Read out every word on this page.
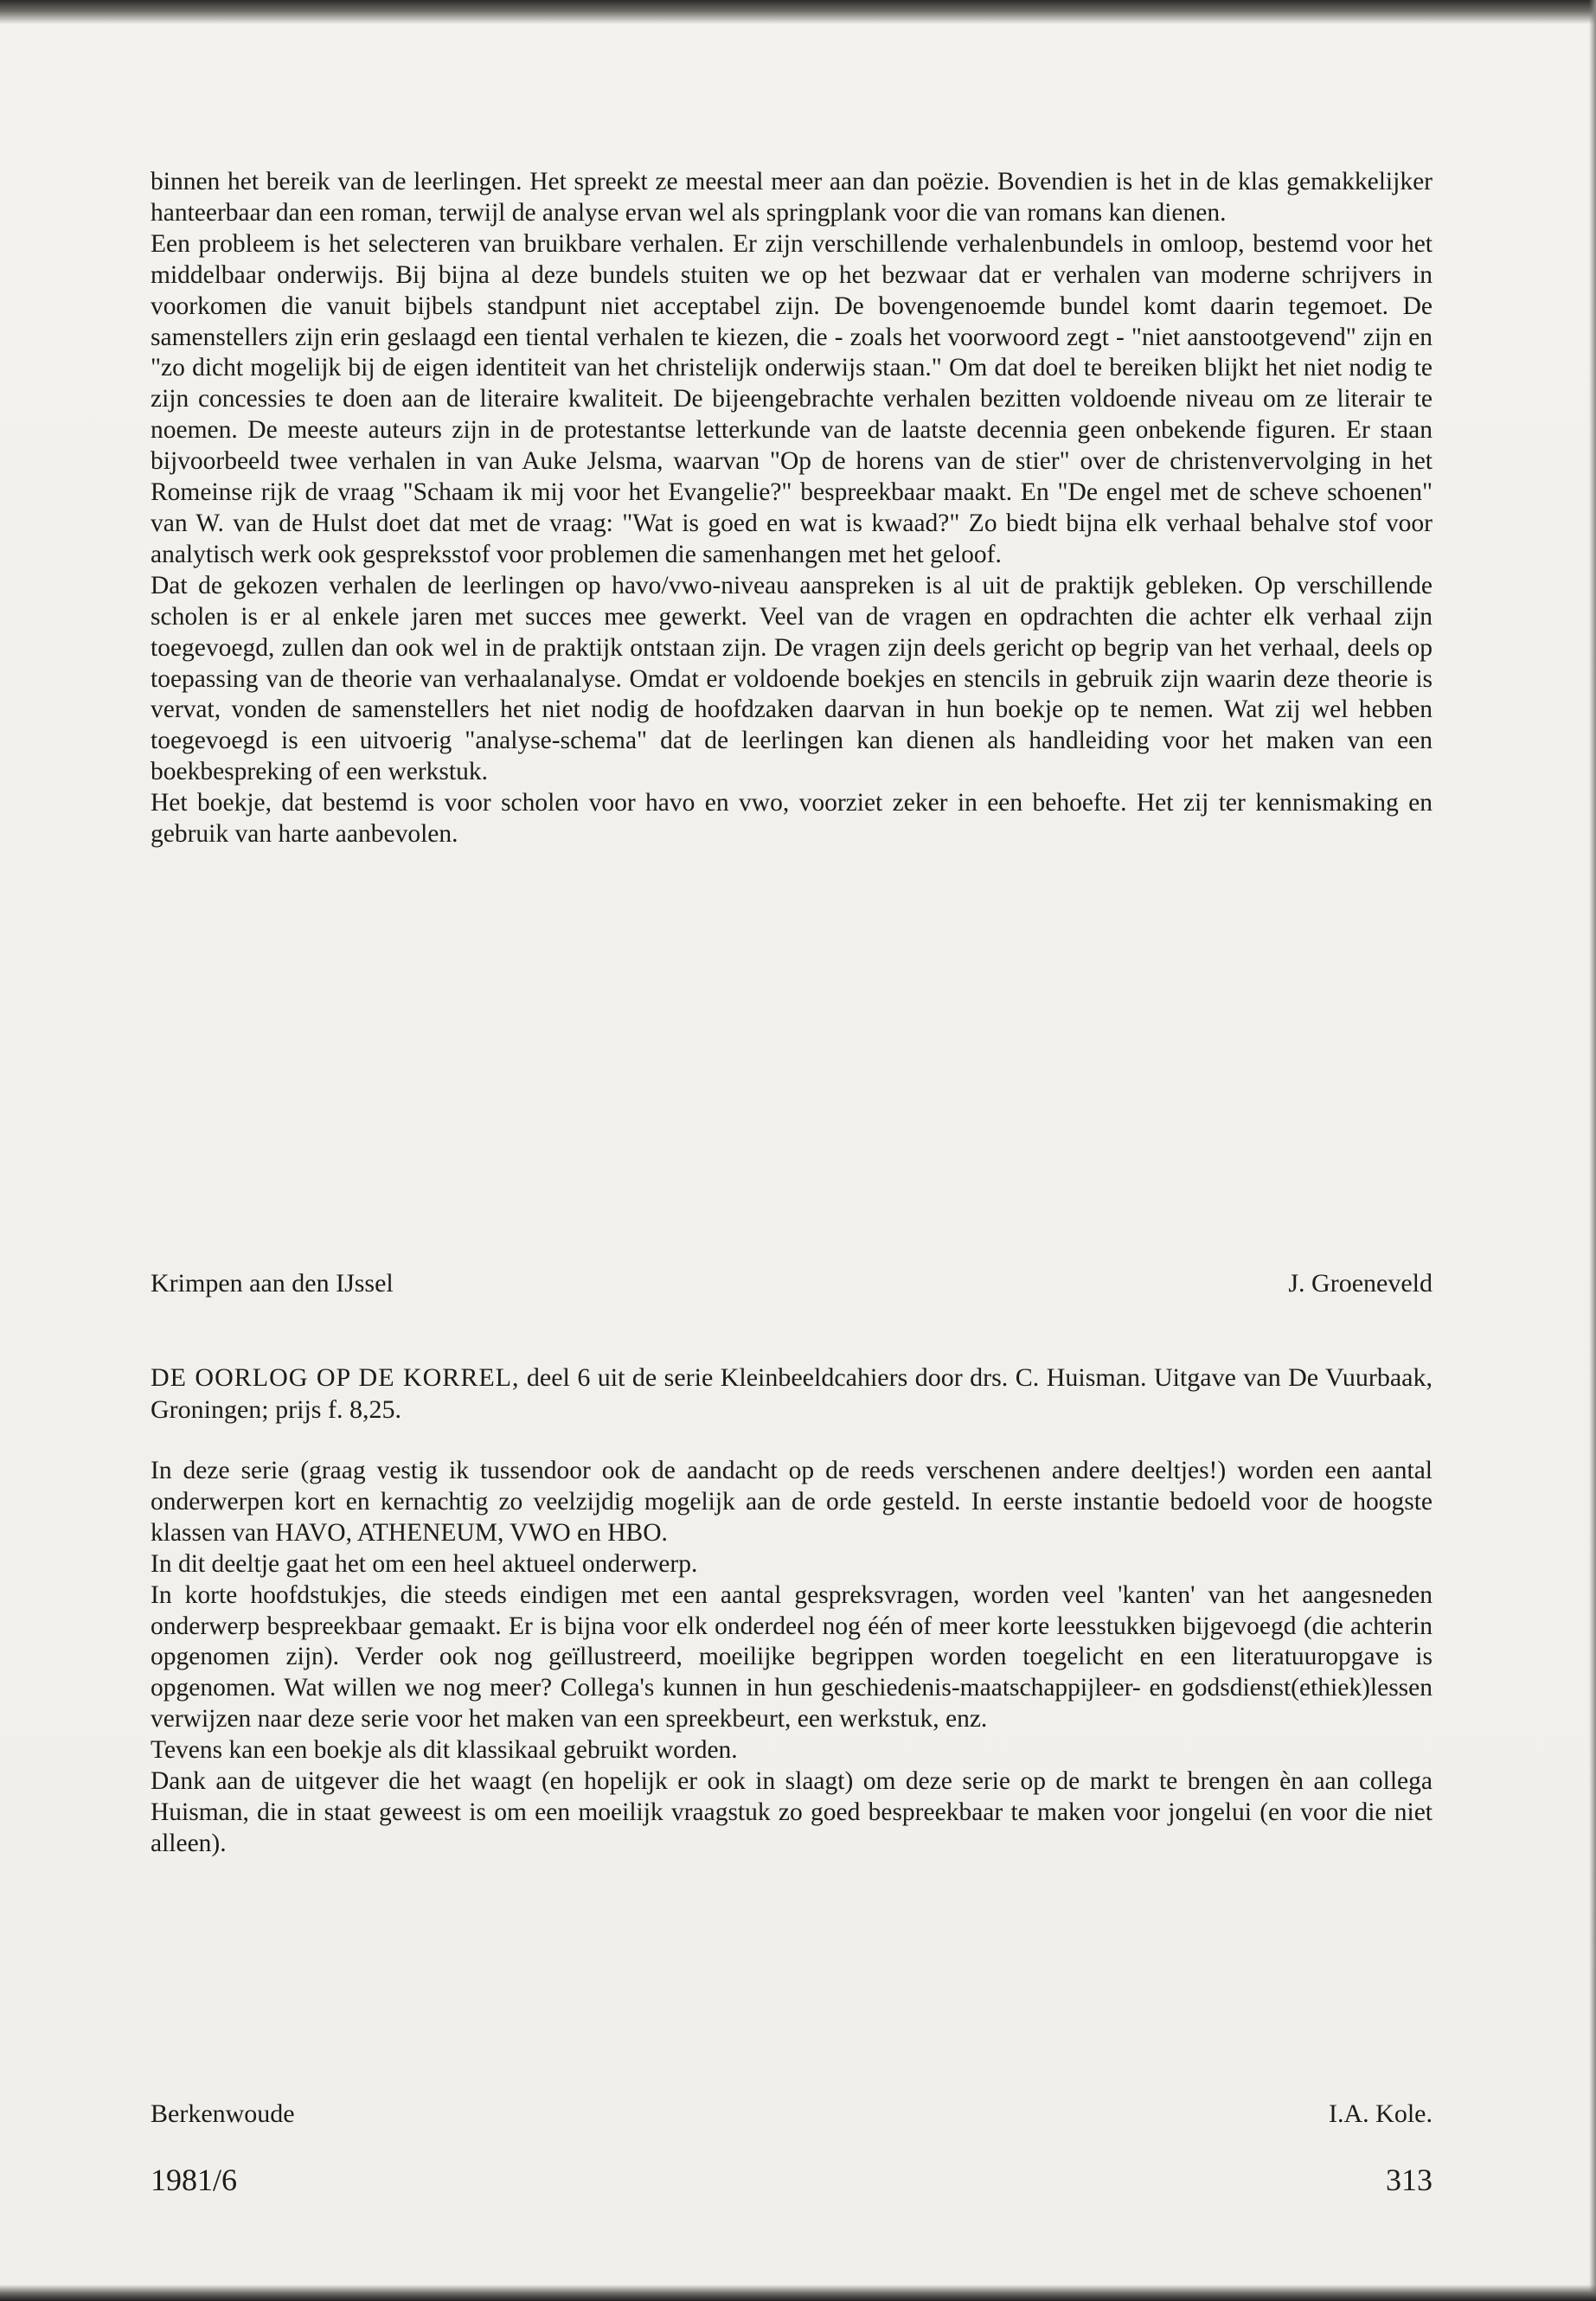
binnen het bereik van de leerlingen. Het spreekt ze meestal meer aan dan poëzie. Bovendien is het in de klas gemakkelijker hanteerbaar dan een roman, terwijl de analyse ervan wel als springplank voor die van romans kan dienen.

Een probleem is het selecteren van bruikbare verhalen. Er zijn verschillende verhalenbundels in omloop, bestemd voor het middelbaar onderwijs. Bij bijna al deze bundels stuiten we op het bezwaar dat er verhalen van moderne schrijvers in voorkomen die vanuit bijbels standpunt niet acceptabel zijn. De bovengenoemde bundel komt daarin tegemoet. De samenstellers zijn erin geslaagd een tiental verhalen te kiezen, die - zoals het voorwoord zegt - "niet aanstootgevend" zijn en "zo dicht mogelijk bij de eigen identiteit van het christelijk onderwijs staan." Om dat doel te bereiken blijkt het niet nodig te zijn concessies te doen aan de literaire kwaliteit. De bijeengebrachte verhalen bezitten voldoende niveau om ze literair te noemen. De meeste auteurs zijn in de protestantse letterkunde van de laatste decennia geen onbekende figuren. Er staan bijvoorbeeld twee verhalen in van Auke Jelsma, waarvan "Op de horens van de stier" over de christenvervolging in het Romeinse rijk de vraag "Schaam ik mij voor het Evangelie?" bespreekbaar maakt. En "De engel met de scheve schoenen" van W. van de Hulst doet dat met de vraag: "Wat is goed en wat is kwaad?" Zo biedt bijna elk verhaal behalve stof voor analytisch werk ook gespreksstof voor problemen die samenhangen met het geloof.

Dat de gekozen verhalen de leerlingen op havo/vwo-niveau aanspreken is al uit de praktijk gebleken. Op verschillende scholen is er al enkele jaren met succes mee gewerkt. Veel van de vragen en opdrachten die achter elk verhaal zijn toegevoegd, zullen dan ook wel in de praktijk ontstaan zijn. De vragen zijn deels gericht op begrip van het verhaal, deels op toepassing van de theorie van verhaalanalyse. Omdat er voldoende boekjes en stencils in gebruik zijn waarin deze theorie is vervat, vonden de samenstellers het niet nodig de hoofdzaken daarvan in hun boekje op te nemen. Wat zij wel hebben toegevoegd is een uitvoerig "analyse-schema" dat de leerlingen kan dienen als handleiding voor het maken van een boekbespreking of een werkstuk.

Het boekje, dat bestemd is voor scholen voor havo en vwo, voorziet zeker in een behoefte. Het zij ter kennismaking en gebruik van harte aanbevolen.

Krimpen aan den IJssel	J. Groeneveld
DE OORLOG OP DE KORREL, deel 6 uit de serie Kleinbeeldcahiers door drs. C. Huisman. Uitgave van De Vuurbaak, Groningen; prijs f. 8,25.

In deze serie (graag vestig ik tussendoor ook de aandacht op de reeds verschenen andere deeltjes!) worden een aantal onderwerpen kort en kernachtig zo veelzijdig mogelijk aan de orde gesteld. In eerste instantie bedoeld voor de hoogste klassen van HAVO, ATHENEUM, VWO en HBO.

In dit deeltje gaat het om een heel aktueel onderwerp.

In korte hoofdstukjes, die steeds eindigen met een aantal gespreksvragen, worden veel 'kanten' van het aangesneden onderwerp bespreekbaar gemaakt. Er is bijna voor elk onderdeel nog één of meer korte leesstukken bijgevoegd (die achterin opgenomen zijn). Verder ook nog geïllustreerd, moeilijke begrippen worden toegelicht en een literatuuropgave is opgenomen. Wat willen we nog meer? Collega's kunnen in hun geschiedenis-maatschappijleer- en godsdienst(ethiek)lessen verwijzen naar deze serie voor het maken van een spreekbeurt, een werkstuk, enz.

Tevens kan een boekje als dit klassikaal gebruikt worden.

Dank aan de uitgever die het waagt (en hopelijk er ook in slaagt) om deze serie op de markt te brengen èn aan collega Huisman, die in staat geweest is om een moeilijk vraagstuk zo goed bespreekbaar te maken voor jongelui (en voor die niet alleen).

Berkenwoude	I.A. Kole.
1981/6	313
